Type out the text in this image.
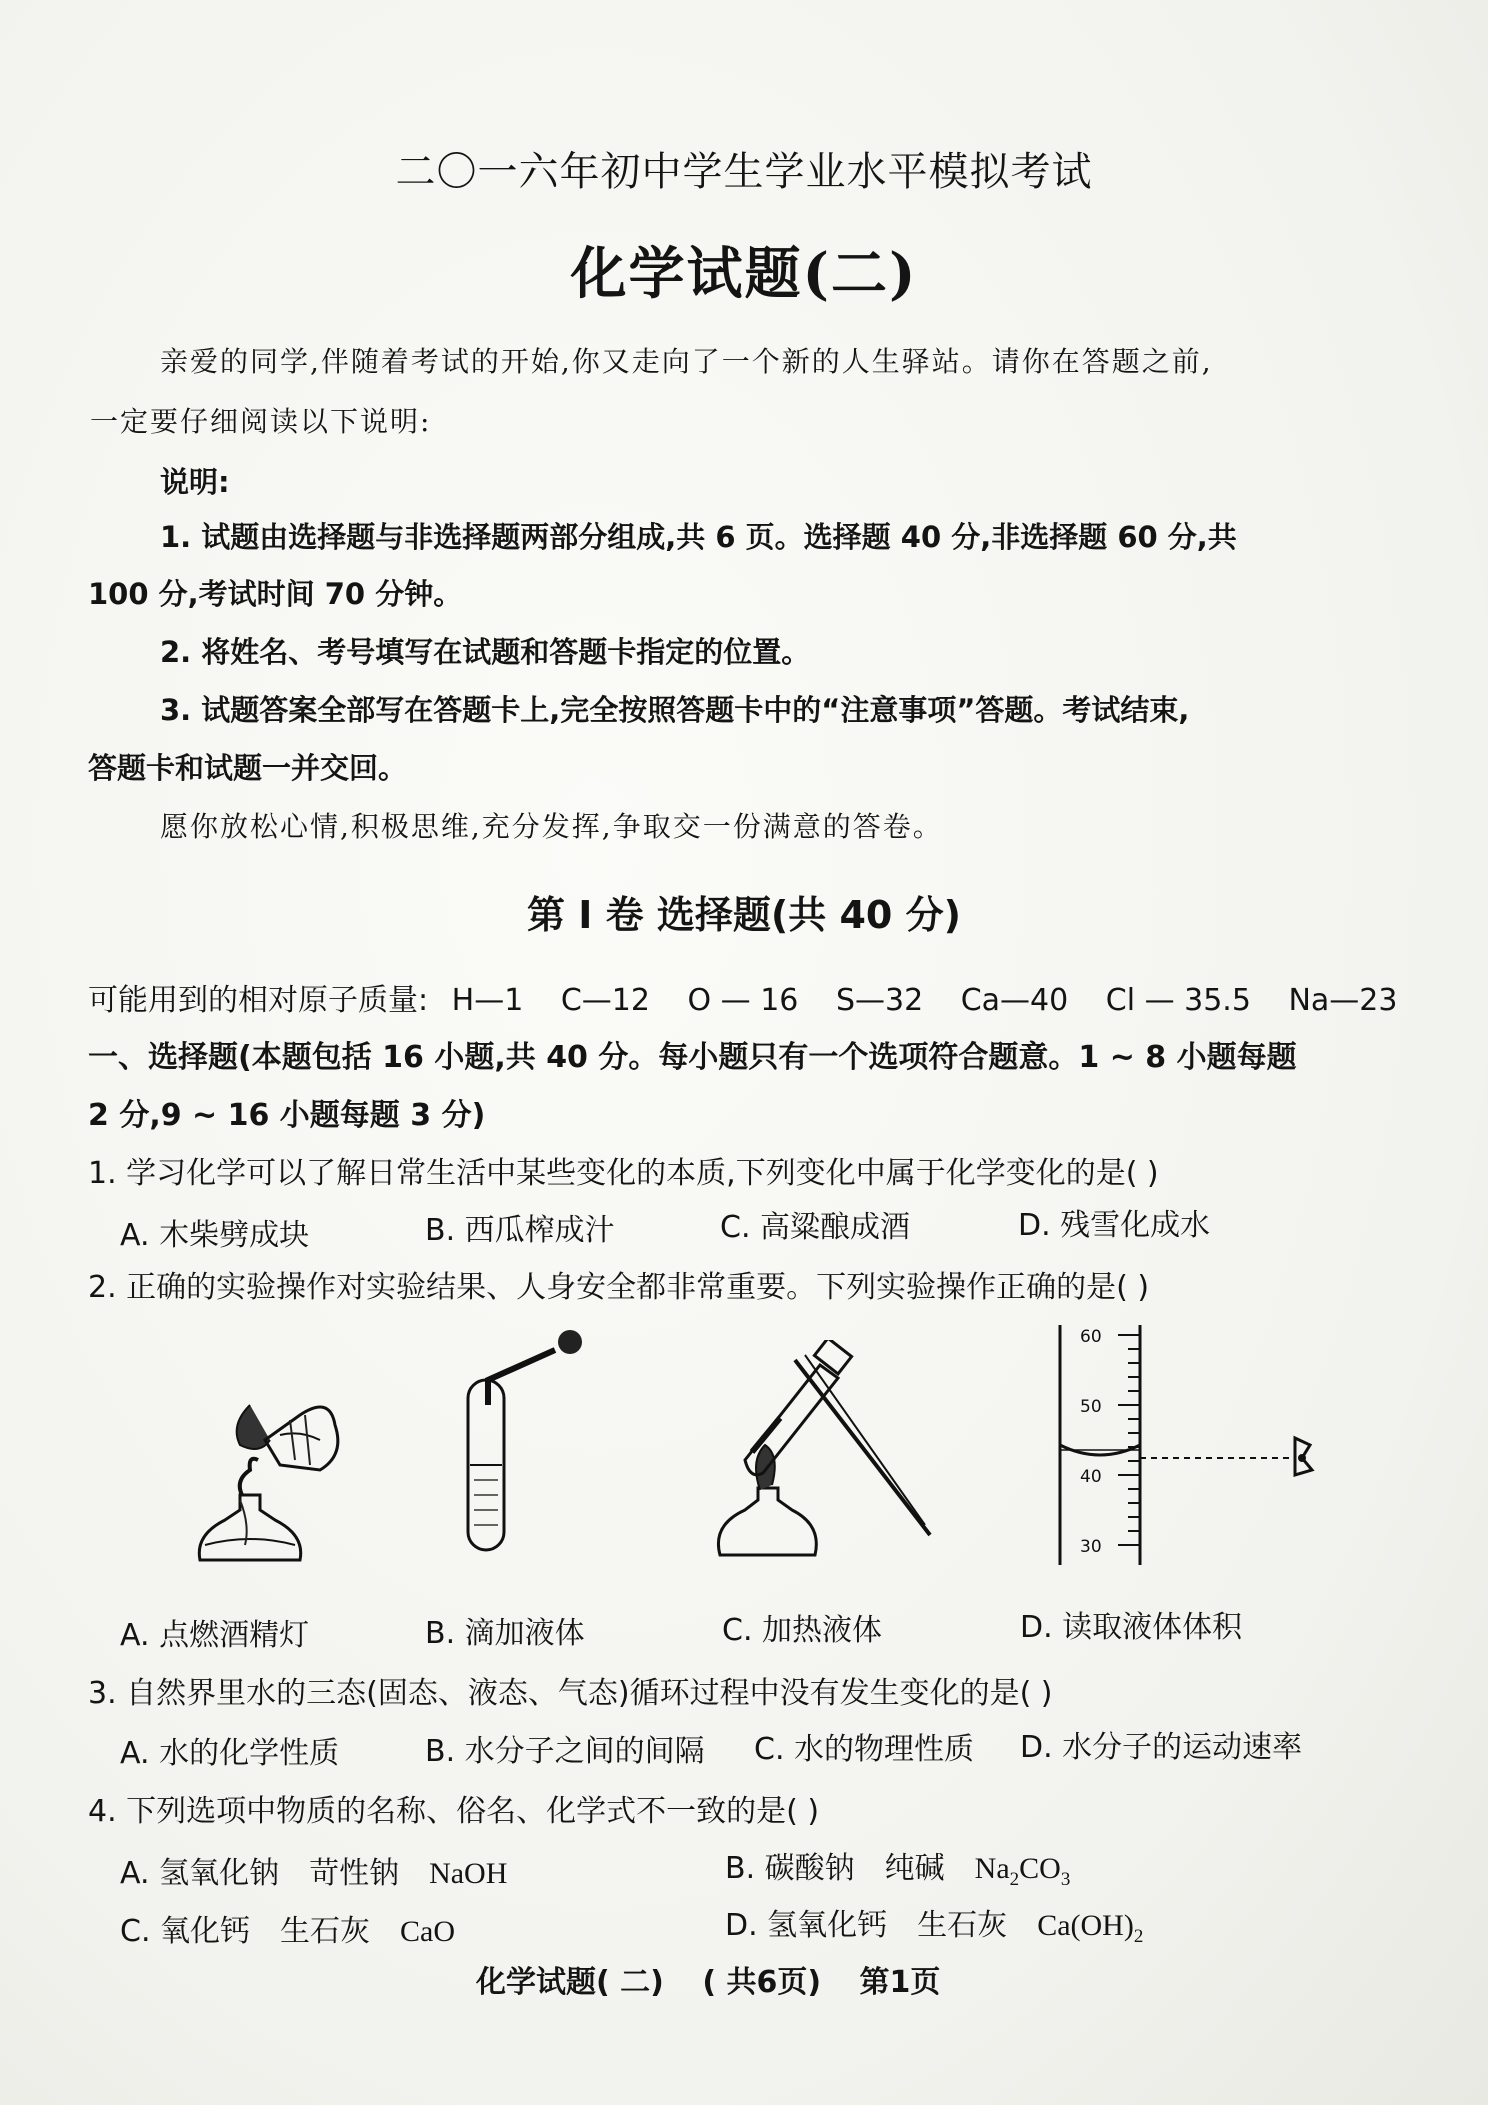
二〇一六年初中学生学业水平模拟考试
化学试题(二)
亲爱的同学,伴随着考试的开始,你又走向了一个新的人生驿站。请你在答题之前,
一定要仔细阅读以下说明:
说明:
1. 试题由选择题与非选择题两部分组成,共 6 页。选择题 40 分,非选择题 60 分,共
100 分,考试时间 70 分钟。
2. 将姓名、考号填写在试题和答题卡指定的位置。
3. 试题答案全部写在答题卡上,完全按照答题卡中的“注意事项”答题。考试结束,
答题卡和试题一并交回。
愿你放松心情,积极思维,充分发挥,争取交一份满意的答卷。
第 I 卷 选择题(共 40 分)
可能用到的相对原子质量: H—1 C—12 O — 16 S—32 Ca—40 Cl — 35.5 Na—23
一、选择题(本题包括 16 小题,共 40 分。每小题只有一个选项符合题意。1 ~ 8 小题每题
2 分,9 ~ 16 小题每题 3 分)
1. 学习化学可以了解日常生活中某些变化的本质,下列变化中属于化学变化的是( )
A. 木柴劈成块	B. 西瓜榨成汁	C. 高粱酿成酒	D. 残雪化成水
2. 正确的实验操作对实验结果、人身安全都非常重要。下列实验操作正确的是( )
60
50
40
30
A. 点燃酒精灯	B. 滴加液体	C. 加热液体	D. 读取液体体积
3. 自然界里水的三态(固态、液态、气态)循环过程中没有发生变化的是( )
A. 水的化学性质	B. 水分子之间的间隔 C. 水的物理性质 D. 水分子的运动速率
4. 下列选项中物质的名称、俗名、化学式不一致的是( )
A. 氢氧化钠 苛性钠 NaOH	B. 碳酸钠 纯碱 $Na_2CO_3$
C. 氧化钙 生石灰 CaO	D. 氢氧化钙 生石灰 $Ca(OH)_2$
化学试题( 二) ( 共6页) 第1页
